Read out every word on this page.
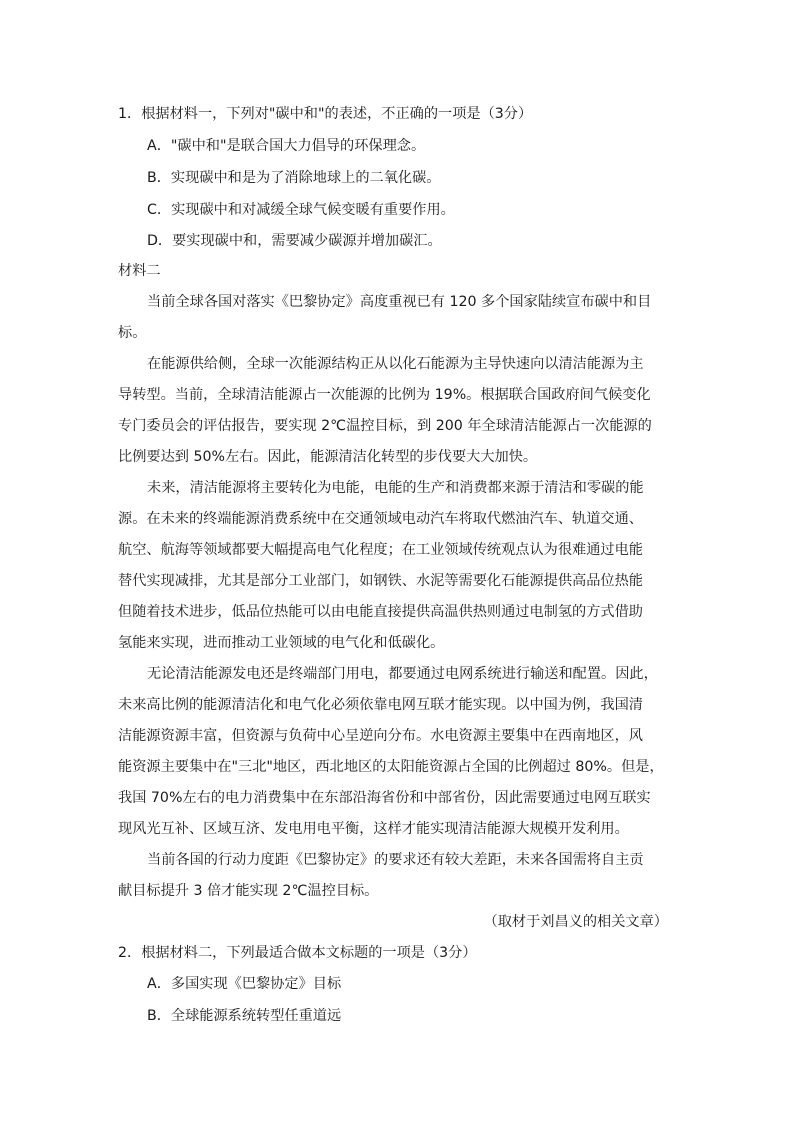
1．根据材料一，下列对"碳中和"的表述，不正确的一项是（3分）
A．"碳中和"是联合国大力倡导的环保理念。
B．实现碳中和是为了消除地球上的二氧化碳。
C．实现碳中和对减缓全球气候变暖有重要作用。
D．要实现碳中和，需要减少碳源并增加碳汇。
材料二
当前全球各国对落实《巴黎协定》高度重视已有 120 多个国家陆续宣布碳中和目
标。
在能源供给侧，全球一次能源结构正从以化石能源为主导快速向以清洁能源为主
导转型。当前，全球清洁能源占一次能源的比例为 19%。根据联合国政府间气候变化
专门委员会的评估报告，要实现 2℃温控目标，到 200 年全球清洁能源占一次能源的
比例要达到 50%左右。因此，能源清洁化转型的步伐要大大加快。
未来，清洁能源将主要转化为电能，电能的生产和消费都来源于清洁和零碳的能
源。在未来的终端能源消费系统中在交通领域电动汽车将取代燃油汽车、轨道交通、
航空、航海等领域都要大幅提高电气化程度；在工业领域传统观点认为很难通过电能
替代实现减排，尤其是部分工业部门，如钢铁、水泥等需要化石能源提供高品位热能
但随着技术进步，低品位热能可以由电能直接提供高温供热则通过电制氢的方式借助
氢能来实现，进而推动工业领域的电气化和低碳化。
无论清洁能源发电还是终端部门用电，都要通过电网系统进行输送和配置。因此，
未来高比例的能源清洁化和电气化必须依靠电网互联才能实现。以中国为例，我国清
洁能源资源丰富，但资源与负荷中心呈逆向分布。水电资源主要集中在西南地区，风
能资源主要集中在"三北"地区，西北地区的太阳能资源占全国的比例超过 80%。但是，
我国 70%左右的电力消费集中在东部沿海省份和中部省份，因此需要通过电网互联实
现风光互补、区域互济、发电用电平衡，这样才能实现清洁能源大规模开发利用。
当前各国的行动力度距《巴黎协定》的要求还有较大差距，未来各国需将自主贡
献目标提升 3 倍才能实现 2℃温控目标。
（取材于刘昌义的相关文章）
2．根据材料二，下列最适合做本文标题的一项是（3分）
A．多国实现《巴黎协定》目标
B．全球能源系统转型任重道远
